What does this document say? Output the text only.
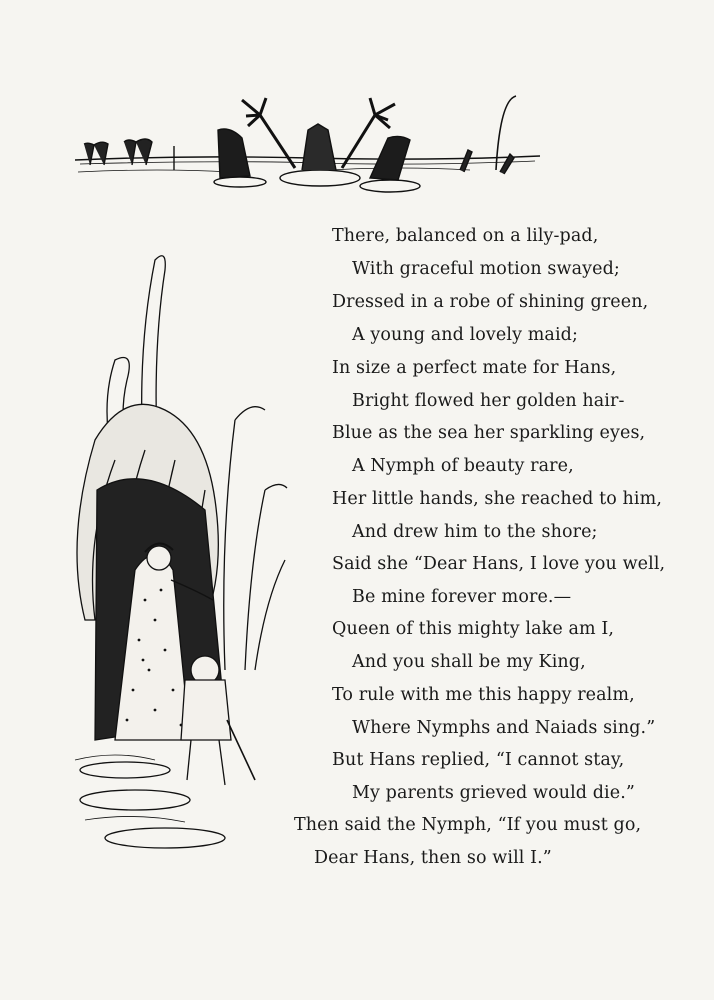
There, balanced on a lily-pad,
With graceful motion swayed;
Dressed in a robe of shining green,
A young and lovely maid;
In size a perfect mate for Hans,
Bright flowed her golden hair-
Blue as the sea her sparkling eyes,
A Nymph of beauty rare,
Her little hands, she reached to him,
And drew him to the shore;
Said she “Dear Hans, I love you well,
Be mine forever more.—
Queen of this mighty lake am I,
And you shall be my King,
To rule with me this happy realm,
Where Nymphs and Naiads sing.”
But Hans replied, “I cannot stay,
My parents grieved would die.”
Then said the Nymph, “If you must go,
Dear Hans, then so will I.”
